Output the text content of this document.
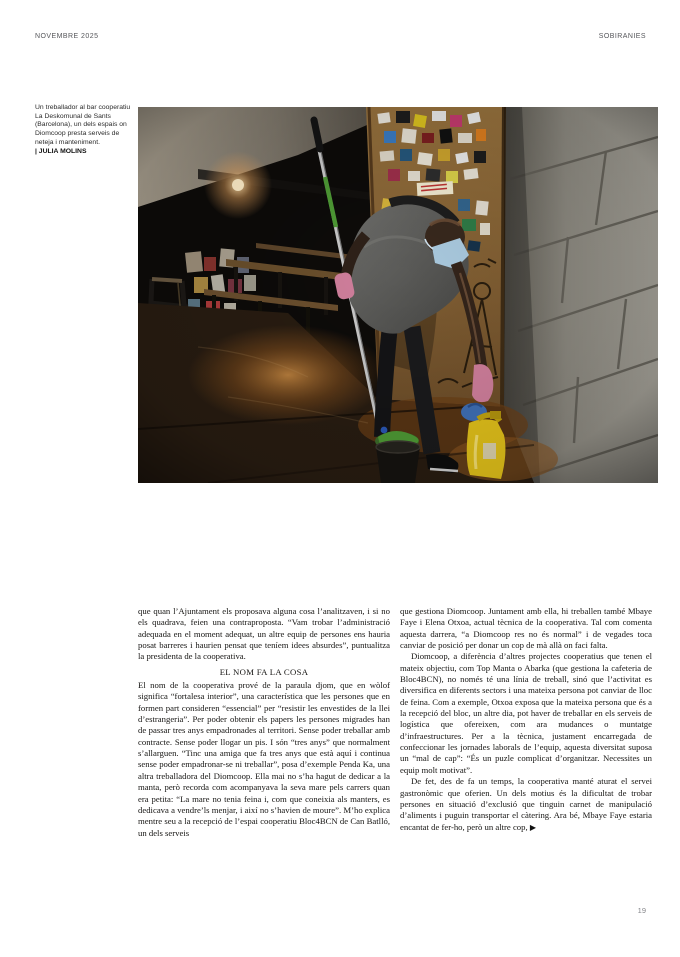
NOVEMBRE 2025	SOBIRANIES
Un treballador al bar cooperatiu La Deskomunal de Sants (Barcelona), un dels espais on Diomcoop presta serveis de neteja i manteniment.
| JULIA MOLINS

que quan l’Ajuntament els proposava alguna cosa l’analitzaven, i si no els quadrava, feien una contraproposta. “Vam trobar l’administració adequada en el moment adequat, un altre equip de persones ens hauria posat barreres i haurien pensat que teníem idees absurdes”, puntualitza la presidenta de la cooperativa.

EL NOM FA LA COSA

El nom de la cooperativa prové de la paraula djom, que en wòlof significa “fortalesa interior”, una característica que les persones que en formen part consideren “essencial” per “resistir les envestides de la llei d’estrangeria”. Per poder obtenir els papers les persones migrades han de passar tres anys empadronades al territori. Sense poder treballar amb contracte. Sense poder llogar un pis. I són “tres anys” que normalment s’allarguen. “Tinc una amiga que fa tres anys que està aquí i continua sense poder empadronar-se ni treballar”, posa d’exemple Penda Ka, una altra treballadora del Diomcoop. Ella mai no s’ha hagut de dedicar a la manta, però recorda com acompanyava la seva mare pels carrers quan era petita: “La mare no tenia feina i, com que coneixia als manters, es dedicava a vendre’ls menjar, i així no s’havien de moure”. M’ho explica mentre seu a la recepció de l’espai cooperatiu Bloc4BCN de Can Batlló, un dels serveis

que gestiona Diomcoop. Juntament amb ella, hi treballen també Mbaye Faye i Elena Otxoa, actual tècnica de la cooperativa. Tal com comenta aquesta darrera, “a Diomcoop res no és normal” i de vegades toca canviar de posició per donar un cop de mà allà on faci falta.

Diomcoop, a diferència d’altres projectes cooperatius que tenen el mateix objectiu, com Top Manta o Abarka (que gestiona la cafeteria de Bloc4BCN), no només té una línia de treball, sinó que l’activitat es diversifica en diferents sectors i una mateixa persona pot canviar de lloc de feina. Com a exemple, Otxoa exposa que la mateixa persona que és a la recepció del bloc, un altre dia, pot haver de treballar en els serveis de logística que ofereixen, com ara mudances o muntatge d’infraestructures. Per a la tècnica, justament encarregada de confeccionar les jornades laborals de l’equip, aquesta diversitat suposa un “mal de cap”: “És un puzle complicat d’organitzar. Necessites un equip molt motivat”.

De fet, des de fa un temps, la cooperativa manté aturat el servei gastronòmic que oferien. Un dels motius és la dificultat de trobar persones en situació d’exclusió que tinguin carnet de manipulació d’aliments i puguin transportar el càtering. Ara bé, Mbaye Faye estaria encantat de fer-ho, però un altre cop, ▶

19
